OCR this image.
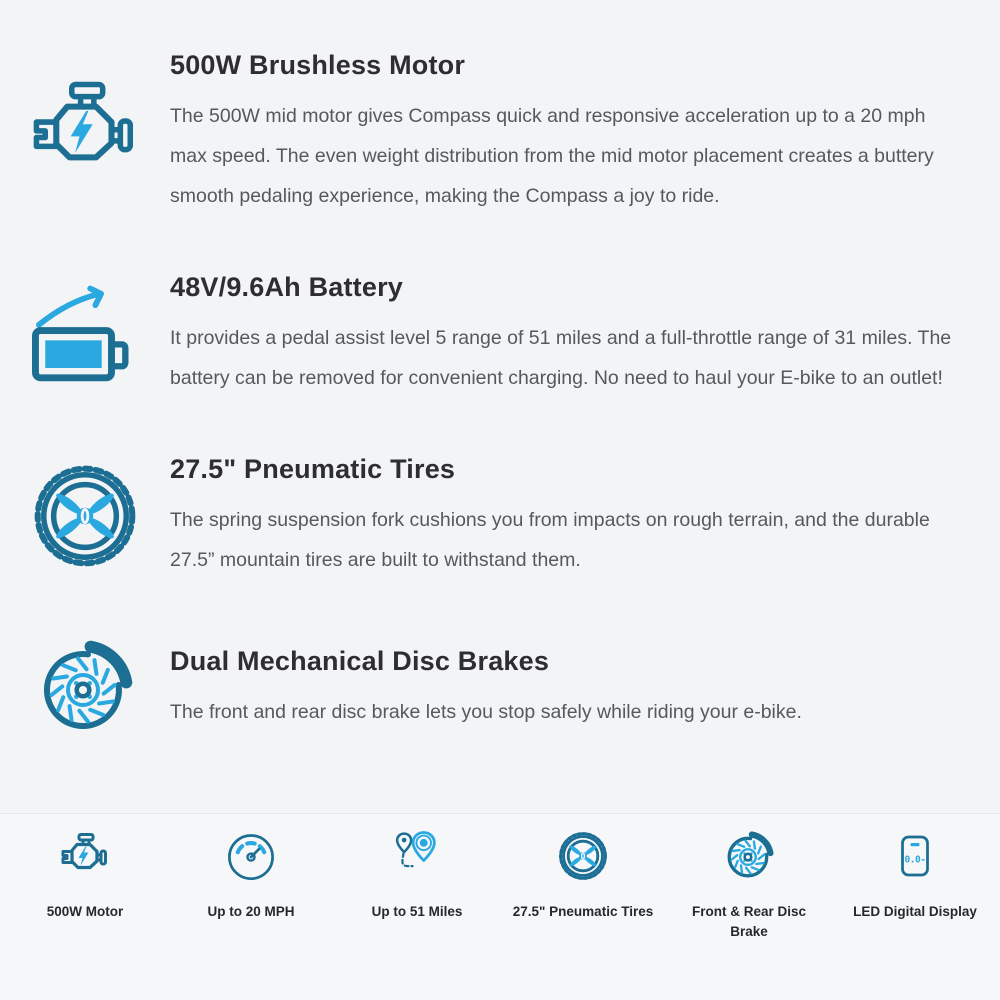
500W Brushless Motor

The 500W mid motor gives Compass quick and responsive acceleration up to a 20 mph max speed. The even weight distribution from the mid motor placement creates a buttery smooth pedaling experience, making the Compass a joy to ride.

48V/9.6Ah Battery

It provides a pedal assist level 5 range of 51 miles and a full-throttle range of 31 miles. The battery can be removed for convenient charging. No need to haul your E-bike to an outlet!

27.5" Pneumatic Tires

The spring suspension fork cushions you from impacts on rough terrain, and the durable 27.5” mountain tires are built to withstand them.

Dual Mechanical Disc Brakes

The front and rear disc brake lets you stop safely while riding your e-bike.

500W Motor	Up to 20 MPH	Up to 51 Miles	27.5" Pneumatic Tires	Front & Rear Disc Brake
0.0-
LED Digital Display
